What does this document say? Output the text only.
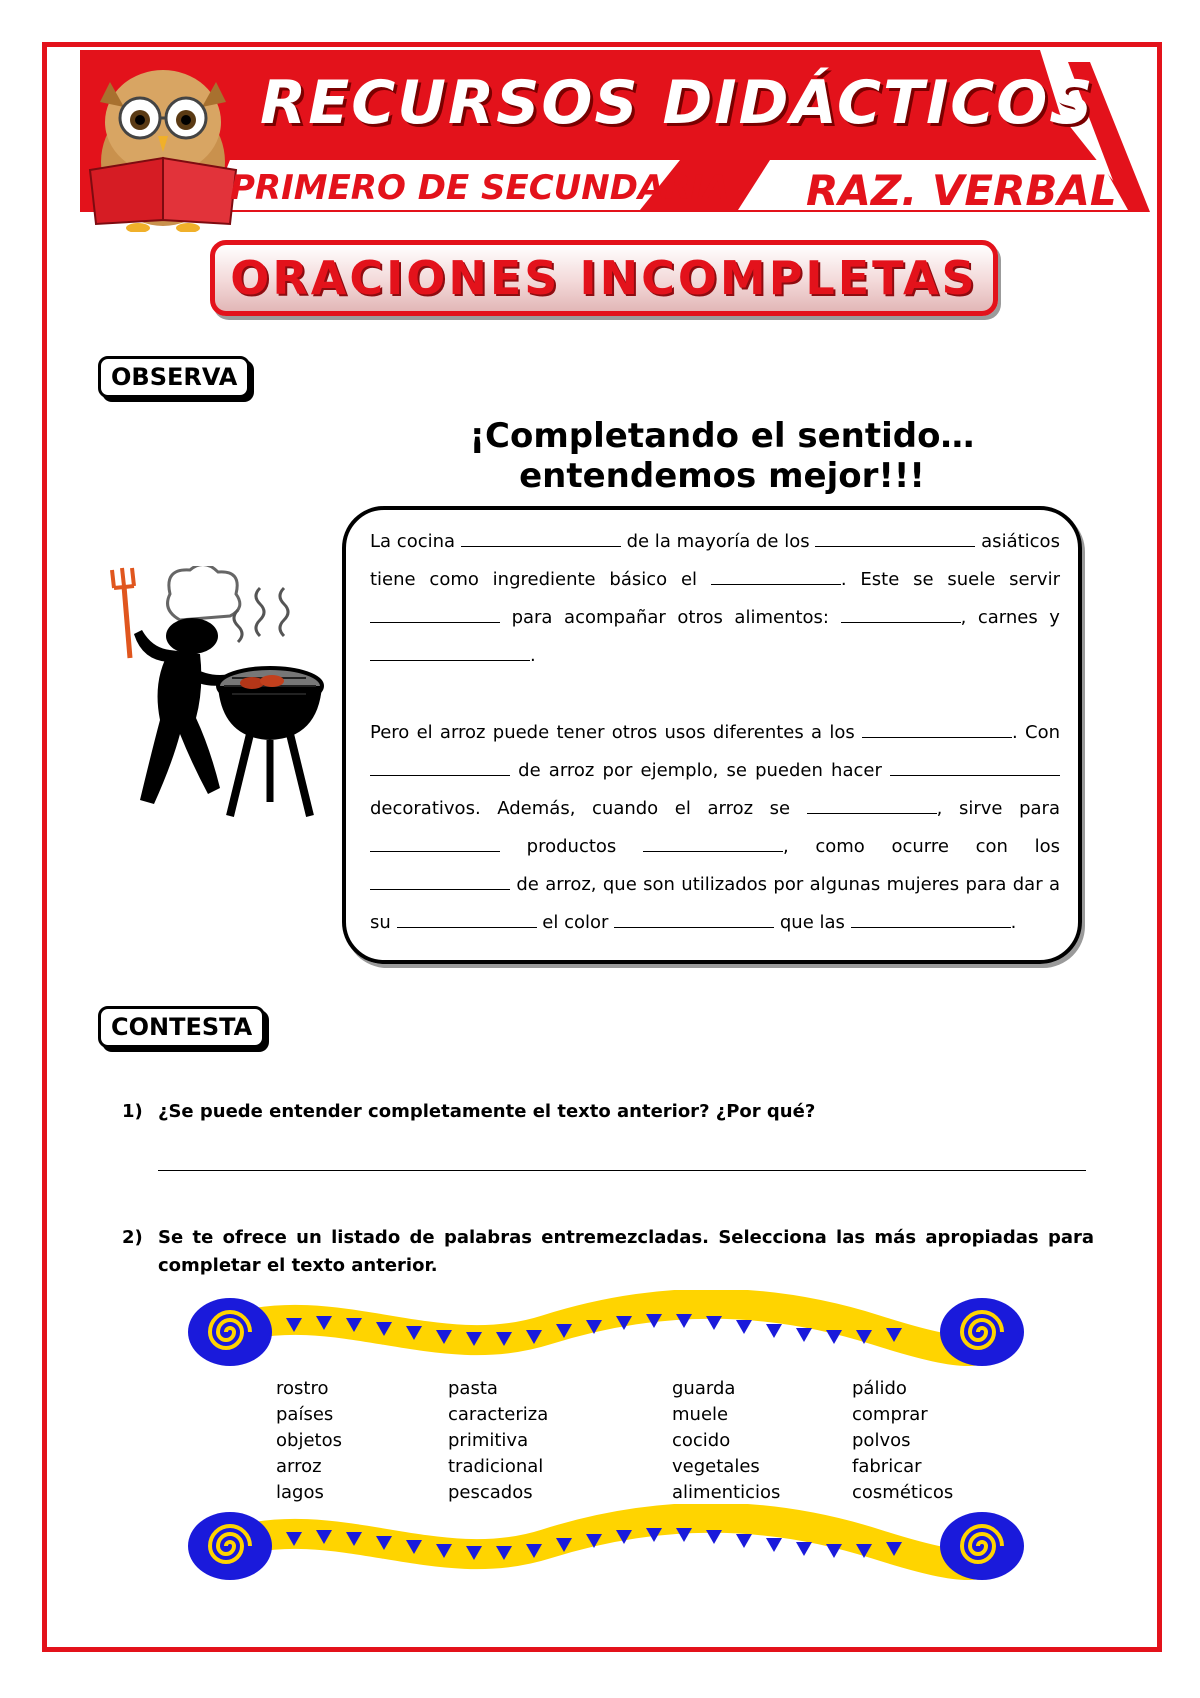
RECURSOS DIDÁCTICOS
PRIMERO DE SECUNDARIA RAZ. VERBAL
ORACIONES INCOMPLETAS
OBSERVA
¡Completando el sentido… entendemos mejor!!!
La cocina	de la mayoría de los	asiáticos tiene como ingrediente básico el	. Este se suele servir  para acompañar otros alimentos:	, carnes y .
Pero el arroz puede tener otros usos diferentes a los	. Con  de arroz por ejemplo, se pueden hacer  decorativos. Además, cuando el arroz se	, sirve para  productos	, como ocurre con los  de arroz, que son utilizados por algunas mujeres para dar a su	el color	que las	.
CONTESTA
1) ¿Se puede entender completamente el texto anterior? ¿Por qué?
2) Se te ofrece un listado de palabras entremezcladas. Selecciona las más apropiadas para completar el texto anterior.
rostro
países
objetos
arroz
lagos
pasta
caracteriza
primitiva
tradicional
pescados
guarda
muele
cocido
vegetales
alimenticios
pálido
comprar
polvos
fabricar
cosméticos
